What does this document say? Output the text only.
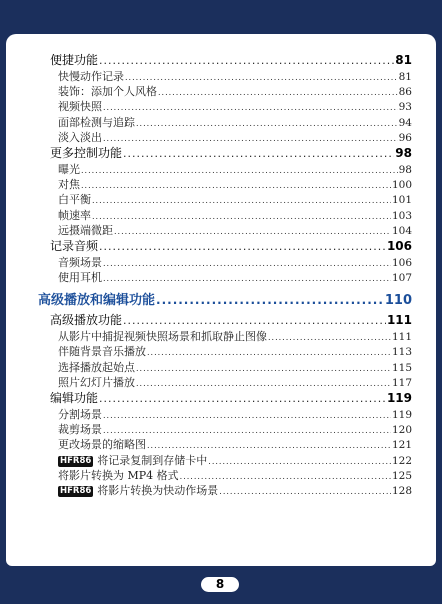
便捷功能 .....	81
快慢动作记录 .....	81
装饰：添加个人风格 .....	86
视频快照 .....	93
面部检测与追踪 .....	94
淡入淡出 .....	96
更多控制功能 .....	98
曝光 .....	98
对焦 .....	100
白平衡 .....	101
帧速率 .....	103
远摄端微距 .....	104
记录音频 .....	106
音频场景 .....	106
使用耳机 .....	107
高级播放和编辑功能 .....	110
高级播放功能 .....	111
从影片中捕捉视频快照场景和抓取静止图像 .....	111
伴随背景音乐播放 .....	113
选择播放起始点 .....	115
照片幻灯片播放 .....	117
编辑功能 .....	119
分割场景 .....	119
裁剪场景 .....	120
更改场景的缩略图 .....	121
HFR86 将记录复制到存储卡中 .....	122
将影片转换为 MP4 格式 .....	125
HFR86 将影片转换为快动作场景 .....	128
8
